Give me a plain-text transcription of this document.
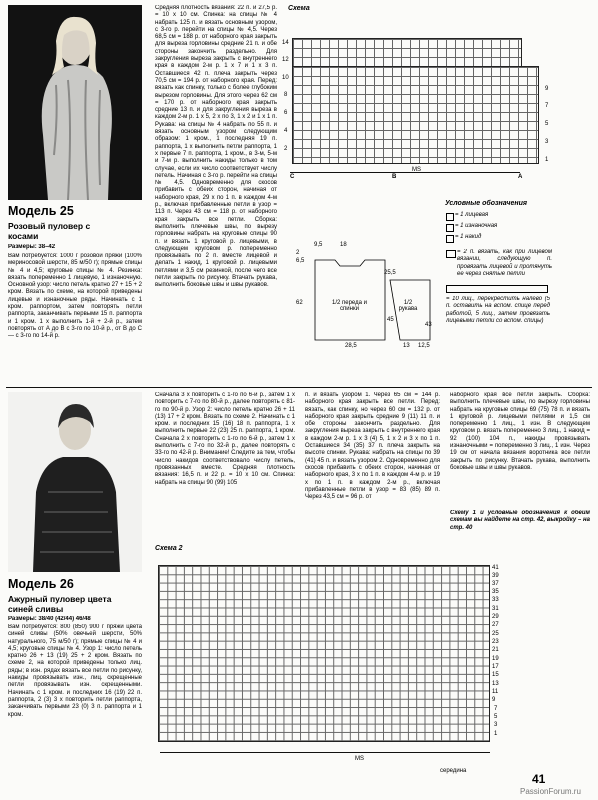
Модель 25
Розовый пуловер с косами
Размеры: 38–42
Вам потребуется: 1000 г розовой пряжи (100% мериносовой шерсти, 85 м/50 г); прямые спицы № 4 и 4,5; круговые спицы № 4. Резинка: вязать попеременно 1 лицевую, 1 изнаночную. Основной узор: число петель кратно 27 + 15 + 2 кром. Вязать по схеме, на которой приведены лицевые и изнаночные ряды. Начинать с 1 кром. раппортом, затем повторять петли раппорта, заканчивать первыми 15 п. раппорта и 1 кром. 1 х выполнить 1-й + 2-й р., затем повторять от А до В с 3-го по 10-й р., от В до С — с 3-го по 14-й р.
Средняя плотность вязания: 22 п. и 27,5 р. = 10 х 10 см. Спинка: на спицы № 4 набрать 125 п. и вязать основным узором, с 3-го р. перейти на спицы № 4,5. Через 68,5 см = 188 р. от наборного края закрыть для выреза горловины средние 21 п. и обе стороны закончить раздельно. Для закругления выреза закрыть с внутреннего края в каждом 2-м р. 1 х 7 и 1 х 3 п. Оставшиеся 42 п. плеча закрыть через 70,5 см = 194 р. от наборного края. Перед: вязать как спинку, только с более глубоким вырезом горловины. Для этого через 62 см = 170 р. от наборного края закрыть средние 13 п. и для закругления выреза в каждом 2-м р. 1 х 5, 2 х по 3, 1 х 2 и 1 х 1 п. Рукава: на спицы № 4 набрать по 55 п. и вязать основным узором следующим образом: 1 кром., 1 последняя 19 п. раппорта, 1 х выполнить петли раппорта, 1 х первые 7 п. раппорта, 1 кром., в 3-м, 5-м и 7-м р. выполнить накиды только в том случае, если их число соответствует числу петель. Начиная с 3-го р. перейти на спицы № 4,5. Одновременно для скосов прибавить с обеих сторон, начиная от наборного края, 29 х по 1 п. в каждом 4-м р., включая прибавленные петли в узор = 113 п. Через 43 см = 118 р. от наборного края закрыть все петли. Сборка: выполнить плечевые швы, по вырезу горловины набрать на круговые спицы 90 п. и вязать 1 круговой р. лицевыми, в следующем круговом р. попеременно провязывать по 2 п. вместе лицевой и делать 1 накид, 1 круговой р. лицевыми петлями и 3,5 см резинкой, после чего все петли закрыть по рисунку. Втачать рукава, выполнить боковые швы и швы рукавов.
Схема
14
12
10
8
6
4
2
9
7
5
3
1
C	B	A
MS
Условные обозначения
= 1 лицевая
= 1 изнаночная
= 1 накид
= 2 п. вязать, как при лицевом вязании, следующую п. провязать лицевой и протянуть ее через снятые петли
= 10 лиц., перекрестить налево (5 п. оставить на вспом. спице перед работой, 5 лиц., затем провязать лицевыми петли со вспом. спицы)
9,5	18
2
6,5
25,5
62
45
43
1/2 переда и спинки
1/2 рукава
28,5	13 12,5
Модель 26
Ажурный пуловер цвета синей сливы
Размеры: 38/40 (42/44) 46/48
Вам потребуется: 800 (850) 900 г пряжи цвета синей сливы (50% овечьей шерсти, 50% натурального, 75 м/50 г); прямые спицы № 4 и 4,5; круговые спицы № 4. Узор 1: число петель кратно 26 + 13 (19) 25 + 2 кром. Вязать по схеме 2, на которой приведены только лиц. ряды; в изн. рядах вязать все петли по рисунку, накиды провязывать изн., лиц. скрещенные петли провязывать изн. скрещенными. Начинать с 1 кром. и последних 16 (19) 22 п. раппорта, 2 (3) 3 х повторить петли раппорта, заканчивать первыми 23 (0) 3 п. раппорта и 1 кром.
Сначала 3 х повторить с 1-го по 6-й р., затем 1 х повторить с 7-го по 80-й р., далее повторять с 81-го по 90-й р. Узор 2: число петель кратно 26 + 11 (13) 17 + 2 кром. Вязать по схеме 2. Начинать с 1 кром. и последних 15 (16) 18 п. раппорта, 1 х выполнить первые 22 (23) 25 п. раппорта, 1 кром. Сначала 2 х повторить с 1-го по 6-й р., затем 1 х выполнить с 7-го по 32-й р., далее повторять с 33-го по 42-й р. Внимание! Следите за тем, чтобы число накидов соответствовало числу петель, провязанных вместе. Средняя плотность вязания: 16,5 п. и 22 р. = 10 х 10 см. Спинка: набрать на спицы 90 (99) 105
п. и вязать узором 1. Через 65 см = 144 р. наборного края закрыть все петли. Перед: вязать, как спинку, но через 60 см = 132 р. от наборного края закрыть средние 9 (11) 11 п. и обе стороны закончить раздельно. Для закругления выреза закрыть с внутреннего края в каждом 2-м р. 1 х 3 (4) 5, 1 х 2 и 3 х по 1 п. Оставшиеся 34 (35) 37 п. плеча закрыть на высоте спинки. Рукава: набрать на спицы по 39 (41) 45 п. и вязать узором 2. Одновременно для скосов прибавить с обеих сторон, начиная от наборного края, 3 х по 1 п. в каждом 4-м р. и 19 х по 1 п. в каждом 2-м р., включая прибавленные петли в узор = 83 (85) 89 п. Через 43,5 см = 96 р. от
наборного края все петли закрыть. Сборка: выполнить плечевые швы, по вырезу горловины набрать на круговые спицы 69 (75) 78 п. и вязать 1 круговой р. лицевыми петлями и 1,5 см попеременно 1 лиц., 1 изн. В следующем круговом р. вязать попеременно 3 лиц., 1 накид = 92 (100) 104 п., накиды провязывать изнаночными = попеременно 3 лиц., 1 изн. Через 19 см от начала вязания воротника все петли закрыть по рисунку. Втачать рукава, выполнить боковые швы и швы рукавов.
Схему 1 и условные обозначения к обеим схемам вы найдете на стр. 42, выкройку – на стр. 40
Схема 2
41
39
37
35
33
31
29
27
25
23
21
19
17
15
13
11
9
7
5
3
1
MS
середина
41
PassionForum.ru
